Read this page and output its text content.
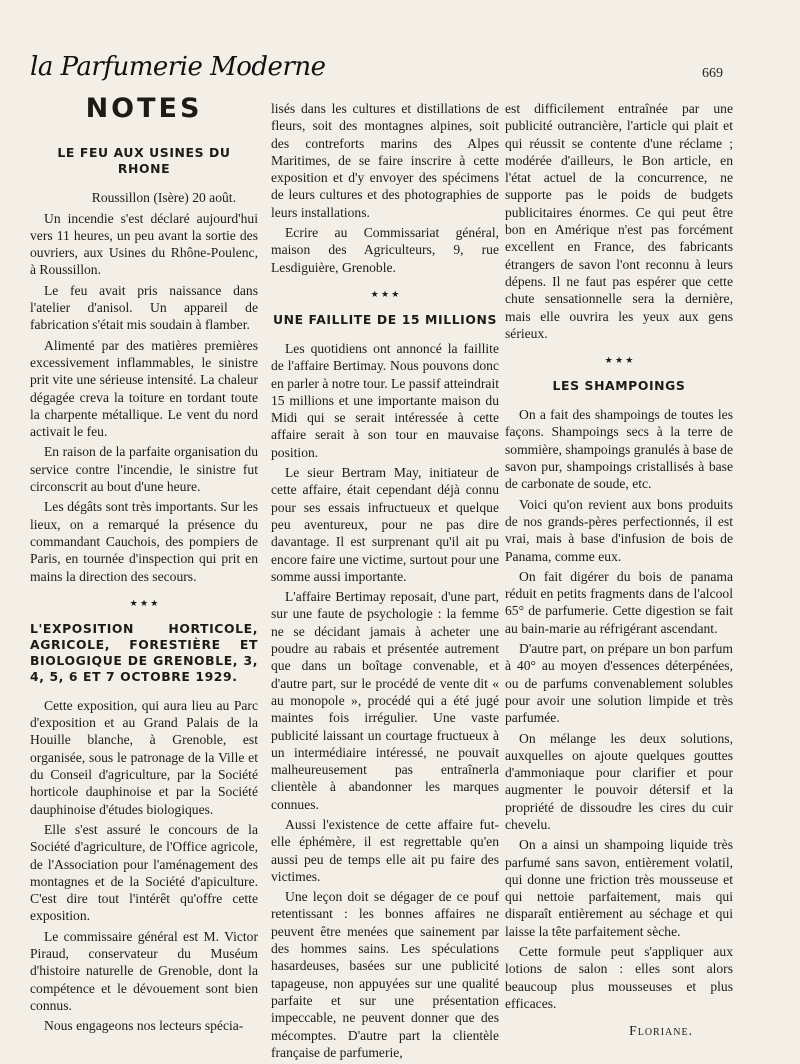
la Parfumerie Moderne	669
NOTES
LE FEU AUX USINES DU RHONE

Roussillon (Isère) 20 août.

Un incendie s'est déclaré aujourd'hui vers 11 heures, un peu avant la sortie des ouvriers, aux Usines du Rhône-Poulenc, à Roussillon.

Le feu avait pris naissance dans l'atelier d'anisol. Un appareil de fabrication s'était mis soudain à flamber.

Alimenté par des matières premières excessivement inflammables, le sinistre prit vite une sérieuse intensité. La chaleur dégagée creva la toiture en tordant toute la charpente métallique. Le vent du nord activait le feu.

En raison de la parfaite organisation du service contre l'incendie, le sinistre fut circonscrit au bout d'une heure.

Les dégâts sont très importants. Sur les lieux, on a remarqué la présence du commandant Cauchois, des pompiers de Paris, en tournée d'inspection qui prit en mains la direction des secours.

★ ★ ★
L'EXPOSITION HORTICOLE, AGRICOLE, FORESTIÈRE ET BIOLOGIQUE DE GRENOBLE, 3, 4, 5, 6 ET 7 OCTOBRE 1929.

Cette exposition, qui aura lieu au Parc d'exposition et au Grand Palais de la Houille blanche, à Grenoble, est organisée, sous le patronage de la Ville et du Conseil d'agriculture, par la Société horticole dauphinoise et par la Société dauphinoise d'études biologiques.

Elle s'est assuré le concours de la Société d'agriculture, de l'Office agricole, de l'Association pour l'aménagement des montagnes et de la Société d'apiculture. C'est dire tout l'intérêt qu'offre cette exposition.

Le commissaire général est M. Victor Piraud, conservateur du Muséum d'histoire naturelle de Grenoble, dont la compétence et le dévouement sont bien connus.

Nous engageons nos lecteurs spécia-

lisés dans les cultures et distillations de fleurs, soit des montagnes alpines, soit des contreforts marins des Alpes Maritimes, de se faire inscrire à cette exposition et d'y envoyer des spécimens de leurs cultures et des photographies de leurs installations.

Ecrire au Commissariat général, maison des Agriculteurs, 9, rue Lesdiguière, Grenoble.

★ ★ ★
UNE FAILLITE DE 15 MILLIONS

Les quotidiens ont annoncé la faillite de l'affaire Bertimay. Nous pouvons donc en parler à notre tour. Le passif atteindrait 15 millions et une importante maison du Midi qui se serait intéressée à cette affaire serait à son tour en mauvaise position.

Le sieur Bertram May, initiateur de cette affaire, était cependant déjà connu pour ses essais infructueux et quelque peu aventureux, pour ne pas dire davantage. Il est surprenant qu'il ait pu encore faire une victime, surtout pour une somme aussi importante.

L'affaire Bertimay reposait, d'une part, sur une faute de psychologie : la femme ne se décidant jamais à acheter une poudre au rabais et présentée autrement que dans un boîtage convenable, et d'autre part, sur le procédé de vente dit « au monopole », procédé qui a été jugé maintes fois irrégulier. Une vaste publicité laissant un courtage fructueux à un intermédiaire intéressé, ne pouvait malheureusement pas entraînerla clientèle à abandonner les marques connues.

Aussi l'existence de cette affaire fut-elle éphémère, il est regrettable qu'en aussi peu de temps elle ait pu faire des victimes.

Une leçon doit se dégager de ce pouf retentissant : les bonnes affaires ne peuvent être menées que sainement par des hommes sains. Les spéculations hasardeuses, basées sur une publicité tapageuse, non appuyées sur une qualité parfaite et sur une présentation impeccable, ne peuvent donner que des mécomptes. D'autre part la clientèle française de parfumerie,

est difficilement entraînée par une publicité outrancière, l'article qui plait et qui réussit se contente d'une réclame ; modérée d'ailleurs, le Bon article, en l'état actuel de la concurrence, ne supporte pas le poids de budgets publicitaires énormes. Ce qui peut être bon en Amérique n'est pas forcément excellent en France, des fabricants étrangers de savon l'ont reconnu à leurs dépens. Il ne faut pas espérer que cette chute sensationnelle sera la dernière, mais elle ouvrira les yeux aux gens sérieux.

★ ★ ★
LES SHAMPOINGS

On a fait des shampoings de toutes les façons. Shampoings secs à la terre de sommière, shampoings granulés à base de savon pur, shampoings cristallisés à base de carbonate de soude, etc.

Voici qu'on revient aux bons produits de nos grands-pères perfectionnés, il est vrai, mais à base d'infusion de bois de Panama, comme eux.

On fait digérer du bois de panama réduit en petits fragments dans de l'alcool 65° de parfumerie. Cette digestion se fait au bain-marie au réfrigérant ascendant.

D'autre part, on prépare un bon parfum à 40° au moyen d'essences déterpénées, ou de parfums convenablement solubles pour avoir une solution limpide et très parfumée.

On mélange les deux solutions, auxquelles on ajoute quelques gouttes d'ammoniaque pour clarifier et pour augmenter le pouvoir détersif et la propriété de dissoudre les cires du cuir chevelu.

On a ainsi un shampoing liquide très parfumé sans savon, entièrement volatil, qui donne une friction très mousseuse et qui nettoie parfaitement, mais qui disparaît entièrement au séchage et qui laisse la tête parfaitement sèche.

Cette formule peut s'appliquer aux lotions de salon : elles sont alors beaucoup plus mousseuses et plus efficaces.

Floriane.
